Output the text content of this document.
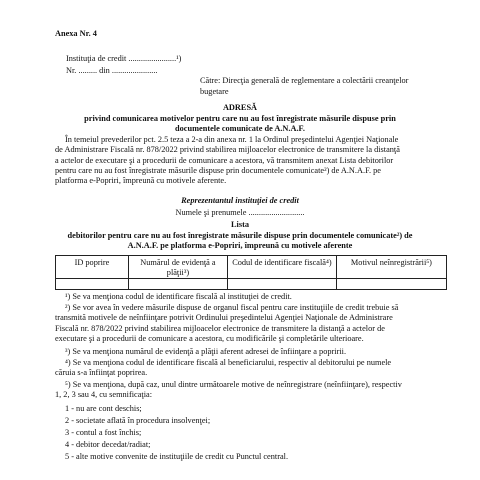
Anexa Nr. 4
Instituţia de credit .......................¹)
Nr. ......... din ......................
Către: Direcţia generală de reglementare a colectării creanţelor
bugetare
ADRESĂ
privind comunicarea motivelor pentru care nu au fost înregistrate măsurile dispuse prin
documentele comunicate de A.N.A.F.
În temeiul prevederilor pct. 2.5 teza a 2-a din anexa nr. 1 la Ordinul preşedintelui Agenţiei Naţionale
de Administrare Fiscală nr. 878/2022 privind stabilirea mijloacelor electronice de transmitere la distanţă
a actelor de executare şi a procedurii de comunicare a acestora, vă transmitem anexat Lista debitorilor
pentru care nu au fost înregistrate măsurile dispuse prin documentele comunicate²) de A.N.A.F. pe
platforma e-Popriri, împreună cu motivele aferente.
Reprezentantul instituţiei de credit
Numele şi prenumele ...........................
Lista
debitorilor pentru care nu au fost înregistrate măsurile dispuse prin documentele comunicate²) de
A.N.A.F. pe platforma e-Popriri, împreună cu motivele aferente
ID poprire	Numărul de evidenţă a plăţii³)	Codul de identificare fiscală⁴)	Motivul neînregistrării⁵)

¹) Se va menţiona codul de identificare fiscală al instituţiei de credit.
²) Se vor avea în vedere măsurile dispuse de organul fiscal pentru care instituţiile de credit trebuie să
transmită motivele de neînfiinţare potrivit Ordinului preşedintelui Agenţiei Naţionale de Administrare
Fiscală nr. 878/2022 privind stabilirea mijloacelor electronice de transmitere la distanţă a actelor de
executare şi a procedurii de comunicare a acestora, cu modificările şi completările ulterioare.
³) Se va menţiona numărul de evidenţă a plăţii aferent adresei de înfiinţare a popririi.
⁴) Se va menţiona codul de identificare fiscală al beneficiarului, respectiv al debitorului pe numele
căruia s-a înfiinţat poprirea.
⁵) Se va menţiona, după caz, unul dintre următoarele motive de neînregistrare (neînfiinţare), respectiv
1, 2, 3 sau 4, cu semnificaţia:
1 - nu are cont deschis;
2 - societate aflată în procedura insolvenţei;
3 - contul a fost închis;
4 - debitor decedat/radiat;
5 - alte motive convenite de instituţiile de credit cu Punctul central.
